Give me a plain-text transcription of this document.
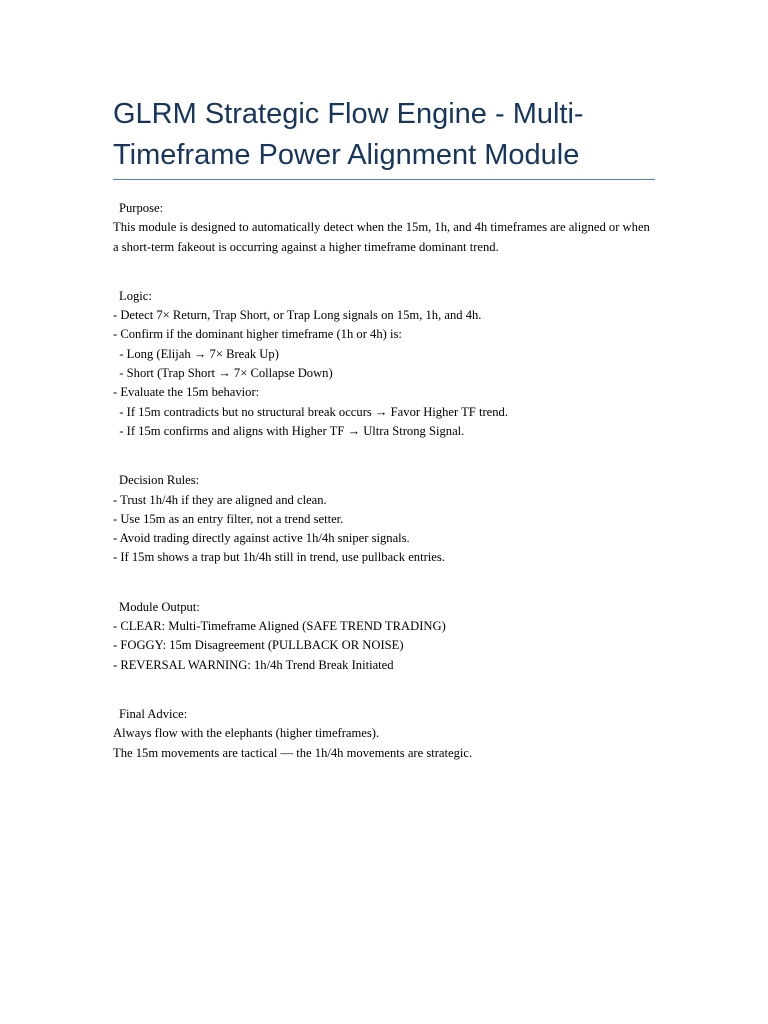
GLRM Strategic Flow Engine - Multi-Timeframe Power Alignment Module
Purpose:
This module is designed to automatically detect when the 15m, 1h, and 4h timeframes are aligned or when a short-term fakeout is occurring against a higher timeframe dominant trend.
Logic:
- Detect 7× Return, Trap Short, or Trap Long signals on 15m, 1h, and 4h.
- Confirm if the dominant higher timeframe (1h or 4h) is:
- Long (Elijah → 7× Break Up)
- Short (Trap Short → 7× Collapse Down)
- Evaluate the 15m behavior:
- If 15m contradicts but no structural break occurs → Favor Higher TF trend.
- If 15m confirms and aligns with Higher TF → Ultra Strong Signal.
Decision Rules:
- Trust 1h/4h if they are aligned and clean.
- Use 15m as an entry filter, not a trend setter.
- Avoid trading directly against active 1h/4h sniper signals.
- If 15m shows a trap but 1h/4h still in trend, use pullback entries.
Module Output:
- CLEAR: Multi-Timeframe Aligned (SAFE TREND TRADING)
- FOGGY: 15m Disagreement (PULLBACK OR NOISE)
- REVERSAL WARNING: 1h/4h Trend Break Initiated
Final Advice:
Always flow with the elephants (higher timeframes).
The 15m movements are tactical — the 1h/4h movements are strategic.
